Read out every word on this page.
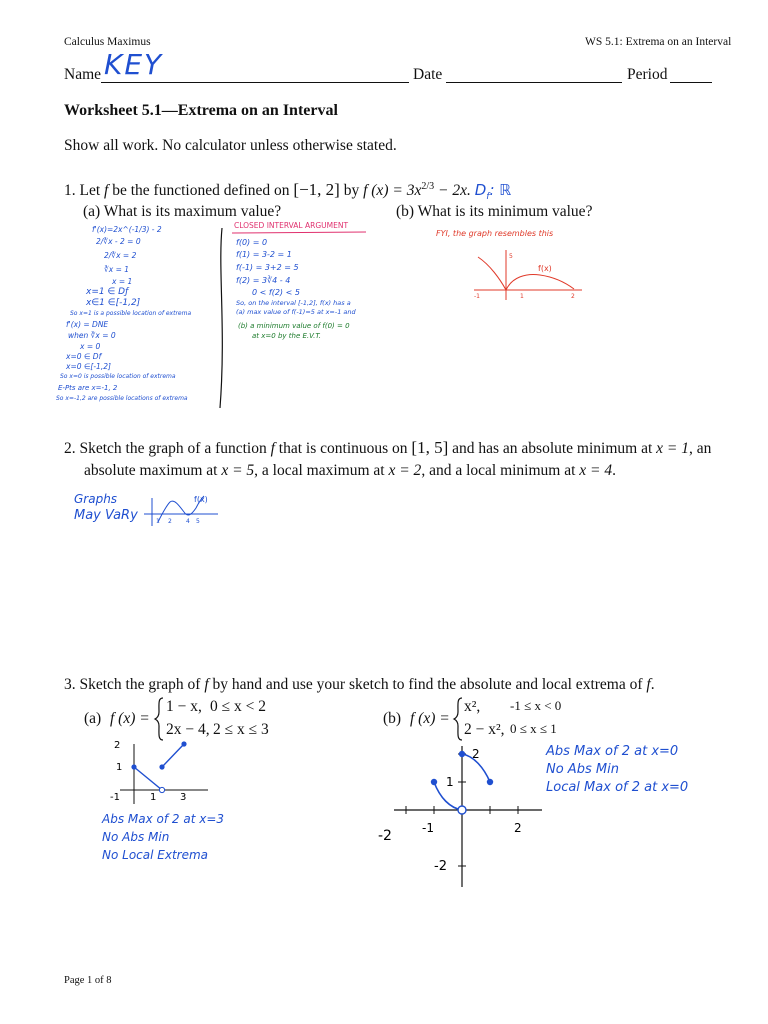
Calculus Maximus	WS 5.1: Extrema on an Interval
Name KEY	Date	Period
Worksheet 5.1—Extrema on an Interval
Show all work. No calculator unless otherwise stated.
1. Let f be the functioned defined on [−1, 2] by f $(x) = 3x^{2/3} - 2x$. $D_f$: ℝ
(a) What is its maximum value?	(b) What is its minimum value?
f'(x)=2x^(-1/3) - 2
2/∛x - 2 = 0
2/∛x = 2
∛x = 1
x = 1
x=1 ∈ Dƒ
x∈1 ∈[-1,2]
So x=1 is a possible location of extrema
f'(x) = DNE
when ∛x = 0
x = 0
x=0 ∈ Df
x=0 ∈[-1,2]
So x=0 is possible location of extrema
E-Pts are x=-1, 2
So x=-1,2 are possible locations of extrema
CLOSED INTERVAL ARGUMENT
f(0) = 0
f(1) = 3-2 = 1
f(-1) = 3+2 = 5
f(2) = 3∛4 - 4
0 < f(2) < 5
So, on the interval [-1,2], f(x) has a
(a) max value of f(-1)=5 at x=-1 and
(b) a minimum value of f(0) = 0
at x=0 by the E.V.T.
FYI, the graph resembles this
f(x)
-1	1	2
5
2. Sketch the graph of a function f that is continuous on [1, 5] and has an absolute minimum at x = 1, an
absolute maximum at x = 5, a local maximum at x = 2, and a local minimum at x = 4.
Graphs
May VaRy
f(x)
1 2 4 5
3. Sketch the graph of f by hand and use your sketch to find the absolute and local extrema of f.
(a) f (x) =
1 − x, 0 ≤ x < 2
2x − 4, 2 ≤ x ≤ 3
(b) f (x) =
x², -1 ≤ x < 0
2 − x², 0 ≤ x ≤ 1
2
1
-1	1 3
Abs Max of 2 at x=3
No Abs Min
No Local Extrema
2
1
-1	2
-2
-2
Abs Max of 2 at x=0
No Abs Min
Local Max of 2 at x=0
Page 1 of 8
